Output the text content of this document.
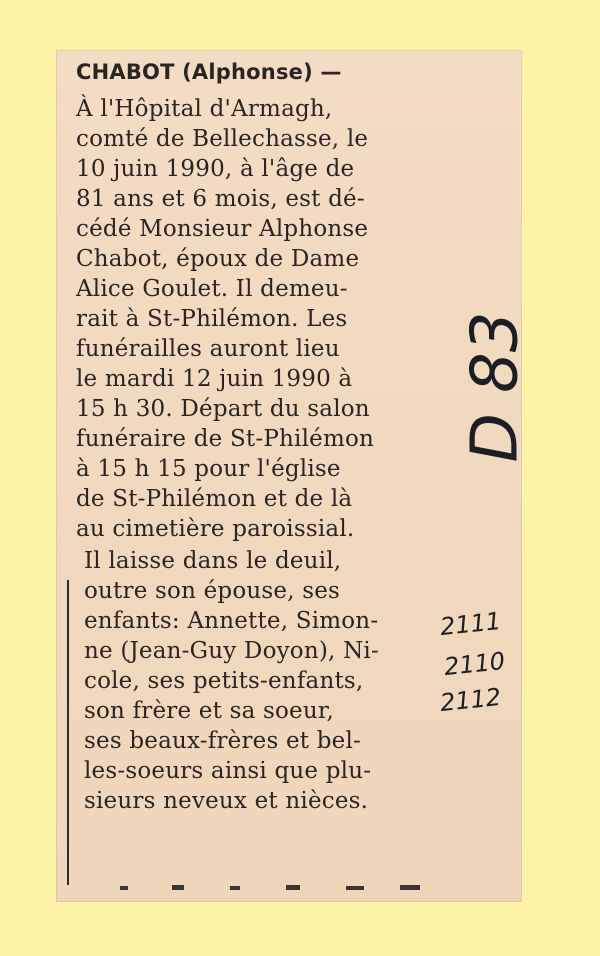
CHABOT (Alphonse) —
À l'Hôpital d'Armagh,
comté de Bellechasse, le
10 juin 1990, à l'âge de
81 ans et 6 mois, est dé-
cédé Monsieur Alphonse
Chabot, époux de Dame
Alice Goulet. Il demeu-
rait à St-Philémon. Les
funérailles auront lieu
le mardi 12 juin 1990 à
15 h 30. Départ du salon
funéraire de St-Philémon
à 15 h 15 pour l'église
de St-Philémon et de là
au cimetière paroissial.
Il laisse dans le deuil,
outre son épouse, ses
enfants: Annette, Simon-
ne (Jean-Guy Doyon), Ni-
cole, ses petits-enfants,
son frère et sa soeur,
ses beaux-frères et bel-
les-soeurs ainsi que plu-
sieurs neveux et nièces.
D 83
2111
2110
2112
